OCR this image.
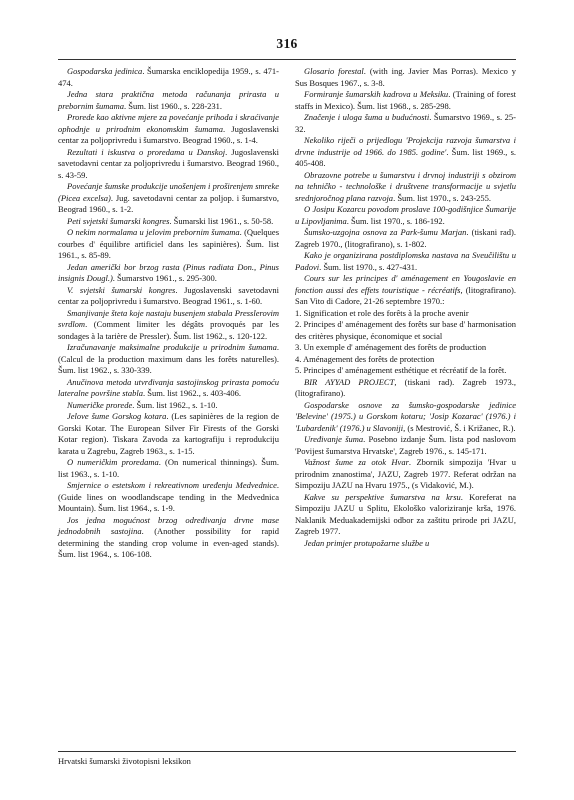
316

Gospodarska jedinica. Šumarska enciklopedija 1959., s. 471-474.

Jedna stara praktična metoda računanja prirasta u prebornim šumama. Šum. list 1960., s. 228-231.

Prorede kao aktivne mjere za povećanje prihoda i skraćivanje ophodnje u prirodnim ekonomskim šumama. Jugoslavenski centar za poljoprivredu i šumarstvo. Beograd 1960., s. 1-4.

Rezultati i iskustva o proredama u Danskoj. Jugoslavenski savetodavni centar za poljoprivredu i šumarstvo. Beograd 1960., s. 43-59.

Povećanje šumske produkcije unošenjem i proširenjem smreke (Picea excelsa). Jug. savetodavni centar za poljop. i šumarstvo, Beograd 1960., s. 1-2.

Peti svjetski šumarski kongres. Šumarski list 1961., s. 50-58.

O nekim normalama u jelovim prebornim šumama. (Quelques courbes d' équilibre artificiel dans les sapinières). Šum. list 1961., s. 85-89.

Jedan američki bor brzog rasta (Pinus radiata Don., Pinus insignis Dougl.). Šumarstvo 1961., s. 295-300.

V. svjetski šumarski kongres. Jugoslavenski savetodavni centar za poljoprivredu i šumarstvo. Beograd 1961., s. 1-60.

Smanjivanje šteta koje nastaju busenjem stabala Presslerovim svrdlom. (Comment limiter les dégâts provoqués par les sondages à la tarière de Pressler). Šum. list 1962., s. 120-122.

Izračunavanje maksimalne produkcije u prirodnim šumama. (Calcul de la production maximum dans les forêts naturelles). Šum. list 1962., s. 330-339.

Anučinova metoda utvrđivanja sastojinskog prirasta pomoću lateralne površine stabla. Šum. list 1962., s. 403-406.

Numeričke prorede. Šum. list 1962., s. 1-10.

Jelove šume Gorskog kotara. (Les sapinières de la region de Gorski Kotar. The European Silver Fir Firests of the Gorski Kotar region). Tiskara Zavoda za kartografiju i reprodukciju karata u Zagrebu, Zagreb 1963., s. 1-15.

O numeričkim proredama. (On numerical thinnings). Šum. list 1963., s. 1-10.

Smjernice o estetskom i rekreativnom uređenju Medvednice. (Guide lines on woodlandscape tending in the Medvednica Mountain). Šum. list 1964., s. 1-9.

Jos jedna mogućnost brzog određivanja drvne mase jednodobnih sastojina. (Another possibility for rapid determining the standing crop volume in even-aged stands). Šum. list 1964., s. 106-108.

Glosario forestal. (with ing. Javier Mas Porras). Mexico y Sus Bosques 1967., s. 3-8.

Formiranje šumarskih kadrova u Meksiku. (Training of forest staffs in Mexico). Šum. list 1968., s. 285-298.

Značenje i uloga šuma u budućnosti. Šumarstvo 1969., s. 25-32.

Nekoliko riječi o prijedlogu 'Projekcija razvoja šumarstva i drvne industrije od 1966. do 1985. godine'. Šum. list 1969., s. 405-408.

Obrazovne potrebe u šumarstvu i drvnoj industriji s obzirom na tehničko - technološke i društvene transformacije u svjetlu srednjoročnog plana razvoja. Šum. list 1970., s. 243-255.

O Josipu Kozarcu povodom proslave 100-godišnjice Šumarije u Lipovljanima. Šum. list 1970., s. 186-192.

Šumsko-uzgojna osnova za Park-šumu Marjan. (tiskani rad). Zagreb 1970., (litografirano), s. 1-802.

Kako je organizirana postdiplomska nastava na Sveučilištu u Padovi. Šum. list 1970., s. 427-431.

Cours sur les principes d' aménagement en Yougoslavie en fonction aussi des effets touristique - récréatifs, (litografirano). San Vito di Cadore, 21-26 septembre 1970.:

1. Signification et role des forêts à la proche avenir

2. Principes d' aménagement des forêts sur base d' harmonisation des critères physique, économique et social

3. Un exemple d' aménagement des forêts de production

4. Aménagement des forêts de protection

5. Principes d' aménagement esthétique et récréatif de la forêt.

BIR AYYAD PROJECT, (tiskani rad). Zagreb 1973., (litografirano).

Gospodarske osnove za šumsko-gospodarske jedinice 'Belevine' (1975.) u Gorskom kotaru; 'Josip Kozarac' (1976.) i 'Lubardenik' (1976.) u Slavoniji, (s Mestrović, Š. i Križanec, R.).

Uređivanje šuma. Posebno izdanje Šum. lista pod naslovom 'Povijest šumarstva Hrvatske', Zagreb 1976., s. 145-171.

Važnost šume za otok Hvar. Zbornik simpozija 'Hvar u prirodnim znanostima', JAZU, Zagreb 1977. Referat održan na Simpoziju JAZU na Hvaru 1975., (s Vidaković, M.).

Kakve su perspektive šumarstva na krsu. Koreferat na Simpoziju JAZU u Splitu, Ekološko valoriziranje krša, 1976. Naklanik Meduakademijski odbor za zaštitu prirode pri JAZU, Zagreb 1977.

Jedan primjer protupožarne službe u

Hrvatski šumarski životopisni leksikon
